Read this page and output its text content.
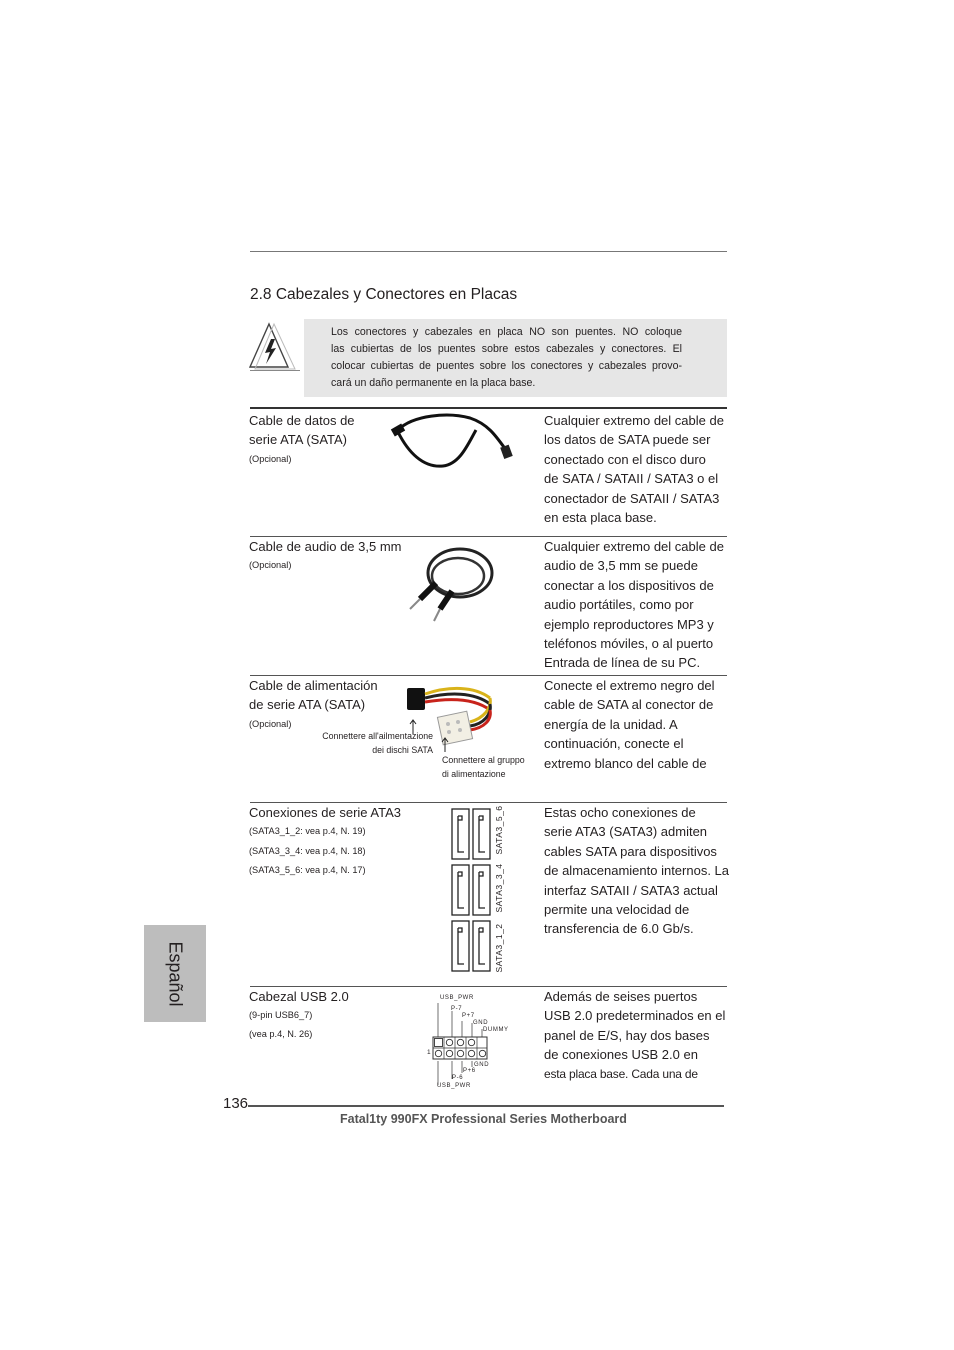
2.8 Cabezales y Conectores en Placas
Los conectores y cabezales en placa NO son puentes. NO coloque
las cubiertas de los puentes sobre estos cabezales y conectores. El
colocar cubiertas de puentes sobre los conectores y cabezales provo-
cará un daño permanente en la placa base.
Cable de datos de
serie ATA (SATA)
(Opcional)
Cualquier extremo del cable de
los datos de SATA puede ser
conectado con el disco duro
de SATA / SATAII / SATA3 o el
conectador de SATAII / SATA3
en esta placa base.
Cable de audio de 3,5 mm
(Opcional)
Cualquier extremo del cable de
audio de 3,5 mm se puede
conectar a los dispositivos de
audio portátiles, como por
ejemplo reproductores MP3 y
teléfonos móviles, o al puerto
Entrada de línea de su PC.
Cable de alimentación
de serie ATA (SATA)
(Opcional)
Connettere all'ailmentazione
dei dischi SATA
Connettere al gruppo
di alimentazione
Conecte el extremo negro del
cable de SATA al conector de
energía de la unidad. A
continuación, conecte el
extremo blanco del cable de
Conexiones de serie ATA3
(SATA3_1_2: vea p.4, N. 19)
(SATA3_3_4: vea p.4, N. 18)
(SATA3_5_6: vea p.4, N. 17)
SATA3_5_6
SATA3_3_4
SATA3_1_2
Estas ocho conexiones de
serie ATA3 (SATA3) admiten
cables SATA para dispositivos
de almacenamiento internos. La
interfaz SATAII / SATA3 actual
permite una velocidad de
transferencia de 6.0 Gb/s.
Cabezal USB 2.0
(9-pin USB6_7)
(vea p.4, N. 26)
USB_PWR
P-7
P+7
GND
DUMMY
1
GND
P+6
P-6
USB_PWR
Además de seises puertos
USB 2.0 predeterminados en el
panel de E/S, hay dos bases
de conexiones USB 2.0 en
esta placa base. Cada una de
Español
136
Fatal1ty 990FX Professional Series Motherboard
